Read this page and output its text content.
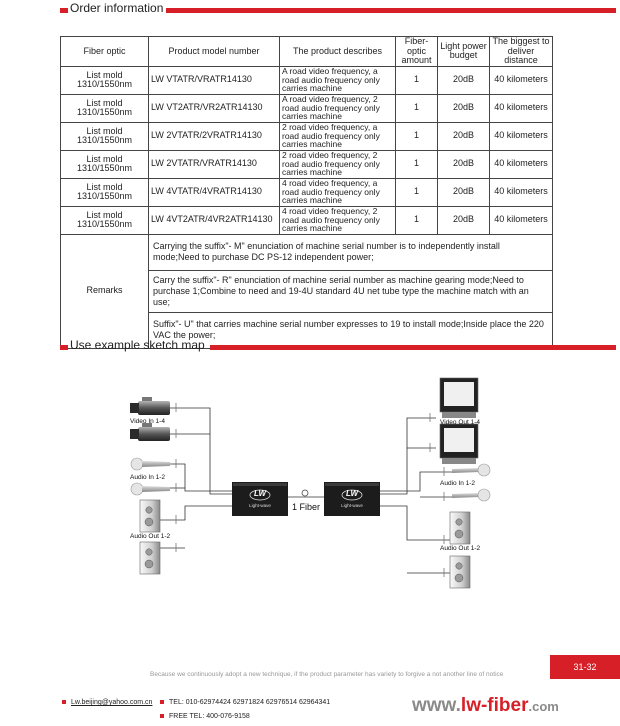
Order information
Fiber optic	Product model number	The product describes	Fiber-optic amount	Light power budget	The biggest to deliver distance
List mold 1310/1550nm	LW VTATR/VRATR14130	A road video frequency, a road audio frequency only carries machine	1	20dB	40 kilometers
List mold 1310/1550nm	LW VT2ATR/VR2ATR14130	A road video frequency, 2 road audio frequency only carries machine	1	20dB	40 kilometers
List mold 1310/1550nm	LW 2VTATR/2VRATR14130	2 road video frequency, a road audio frequency only carries machine	1	20dB	40 kilometers
List mold 1310/1550nm	LW 2VTATR/VRATR14130	2 road video frequency, 2 road audio frequency only carries machine	1	20dB	40 kilometers
List mold 1310/1550nm	LW 4VTATR/4VRATR14130	4 road video frequency, a road audio frequency only carries machine	1	20dB	40 kilometers
List mold 1310/1550nm	LW 4VT2ATR/4VR2ATR14130	4 road video frequency, 2 road audio frequency only carries machine	1	20dB	40 kilometers
Remarks	Carrying the suffix"- M" enunciation of machine serial number is to independently install mode;Need to purchase DC PS-12 independent power;				
	Carry the suffix"- R" enunciation of machine serial number as machine gearing mode;Need to purchase 1;Combine to need and 19-4U standard 4U net tube type the machine match with an use;				
	Suffix"- U" that carries machine serial number expresses to 19 to install mode;Inside place the 220 VAC the power;				
Use example sketch map
LW
Light-wave
LW
Light-wave
Video In 1-4
Audio In 1-2
Audio Out 1-2
1 Fiber
Video Out 1-4
Audio In 1-2
Audio Out 1-2
Because we continuously adopt a new technique, if the product parameter has variety to forgive a not another line of notice
31-32
Lw.beijing@yahoo.com.cn	TEL: 010-62974424 62971824 62976514 62964341
FREE TEL: 400-076-9158
www.lw-fiber.com
